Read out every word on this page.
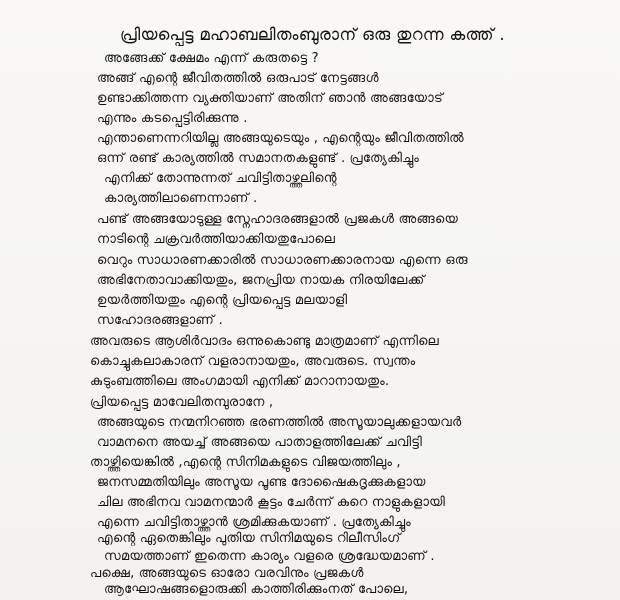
പ്രിയപ്പെട്ട മഹാബലിതംബുരാന് ഒരു തുറന്ന കത്ത് .
അങ്ങേക്ക് ക്ഷേമം എന്ന് കരുതട്ടെ ?
അങ്ങ് എന്റെ ജീവിതത്തിൽ ഒരുപാട് നേട്ടങ്ങൾ
ഉണ്ടാക്കിത്തന്ന വ്യക്തിയാണ് അതിന് ഞാൻ അങ്ങയോട്
എന്നും കടപ്പെട്ടിരിക്കുന്നു .
എന്താണെന്നറിയില്ല അങ്ങയുടെയും , എന്റെയും ജീവിതത്തിൽ
ഒന്ന് രണ്ട് കാര്യത്തിൽ സമാനതകളുണ്ട് . പ്രത്യേകിച്ചും
എനിക്ക് തോന്നുന്നത് ചവിട്ടിതാഴ്ത്തലിന്റെ
കാര്യത്തിലാണെന്നാണ് .
പണ്ട് അങ്ങയോടുള്ള സ്നേഹാദരങ്ങളാൽ പ്രജകൾ അങ്ങയെ
നാടിന്റെ ചക്രവർത്തിയാക്കിയതുപോലെ
വെറും സാധാരണക്കാരിൽ സാധാരണക്കാരനായ എന്നെ ഒരു
അഭിനേതാവാക്കിയതും, ജനപ്രിയ നായക നിരയിലേക്ക്
ഉയർത്തിയതും എന്റെ പ്രിയപ്പെട്ട മലയാളി
സഹോദരങ്ങളാണ് .
അവരുടെ ആശിർവാദം ഒന്നുകൊണ്ടു മാത്രമാണ് എന്നിലെ
കൊച്ചുകലാകാരന് വളരാനായതും, അവരുടെ. സ്വന്തം
കുടുംബത്തിലെ അംഗമായി എനിക്ക് മാറാനായതും.
പ്രിയപ്പെട്ട മാവേലിതമ്പുരാനേ ,
അങ്ങയുടെ നന്മനിറഞ്ഞ ഭരണത്തിൽ അസൂയാലുക്കളായവർ
വാമനനെ അയച്ച് അങ്ങയെ പാതാളത്തിലേക്ക് ചവിട്ടി
താഴ്ത്തിയെങ്കിൽ ,എന്റെ സിനിമകളുടെ വിജയത്തിലും ,
ജനസമ്മതിയിലും അസൂയ പൂണ്ട ദോഷൈകദൃക്കുകളായ
ചില അഭിനവ വാമനന്മാർ കൂട്ടം ചേർന്ന് കുറെ നാളുകളായി
എന്നെ ചവിട്ടിതാഴ്ത്താൻ ശ്രമിക്കുകയാണ് . പ്രത്യേകിച്ചും
എന്റെ ഏതെങ്കിലും പുതിയ സിനിമയുടെ റിലീസിംഗ്
സമയത്താണ് ഇതെന്ന കാര്യം വളരെ ശ്രദ്ധേയമാണ് .
പക്ഷെ, അങ്ങയുടെ ഓരോ വരവിനും പ്രജകൾ
ആഘോഷങ്ങളൊരുക്കി കാത്തിരിക്കുംനത് പോലെ,
